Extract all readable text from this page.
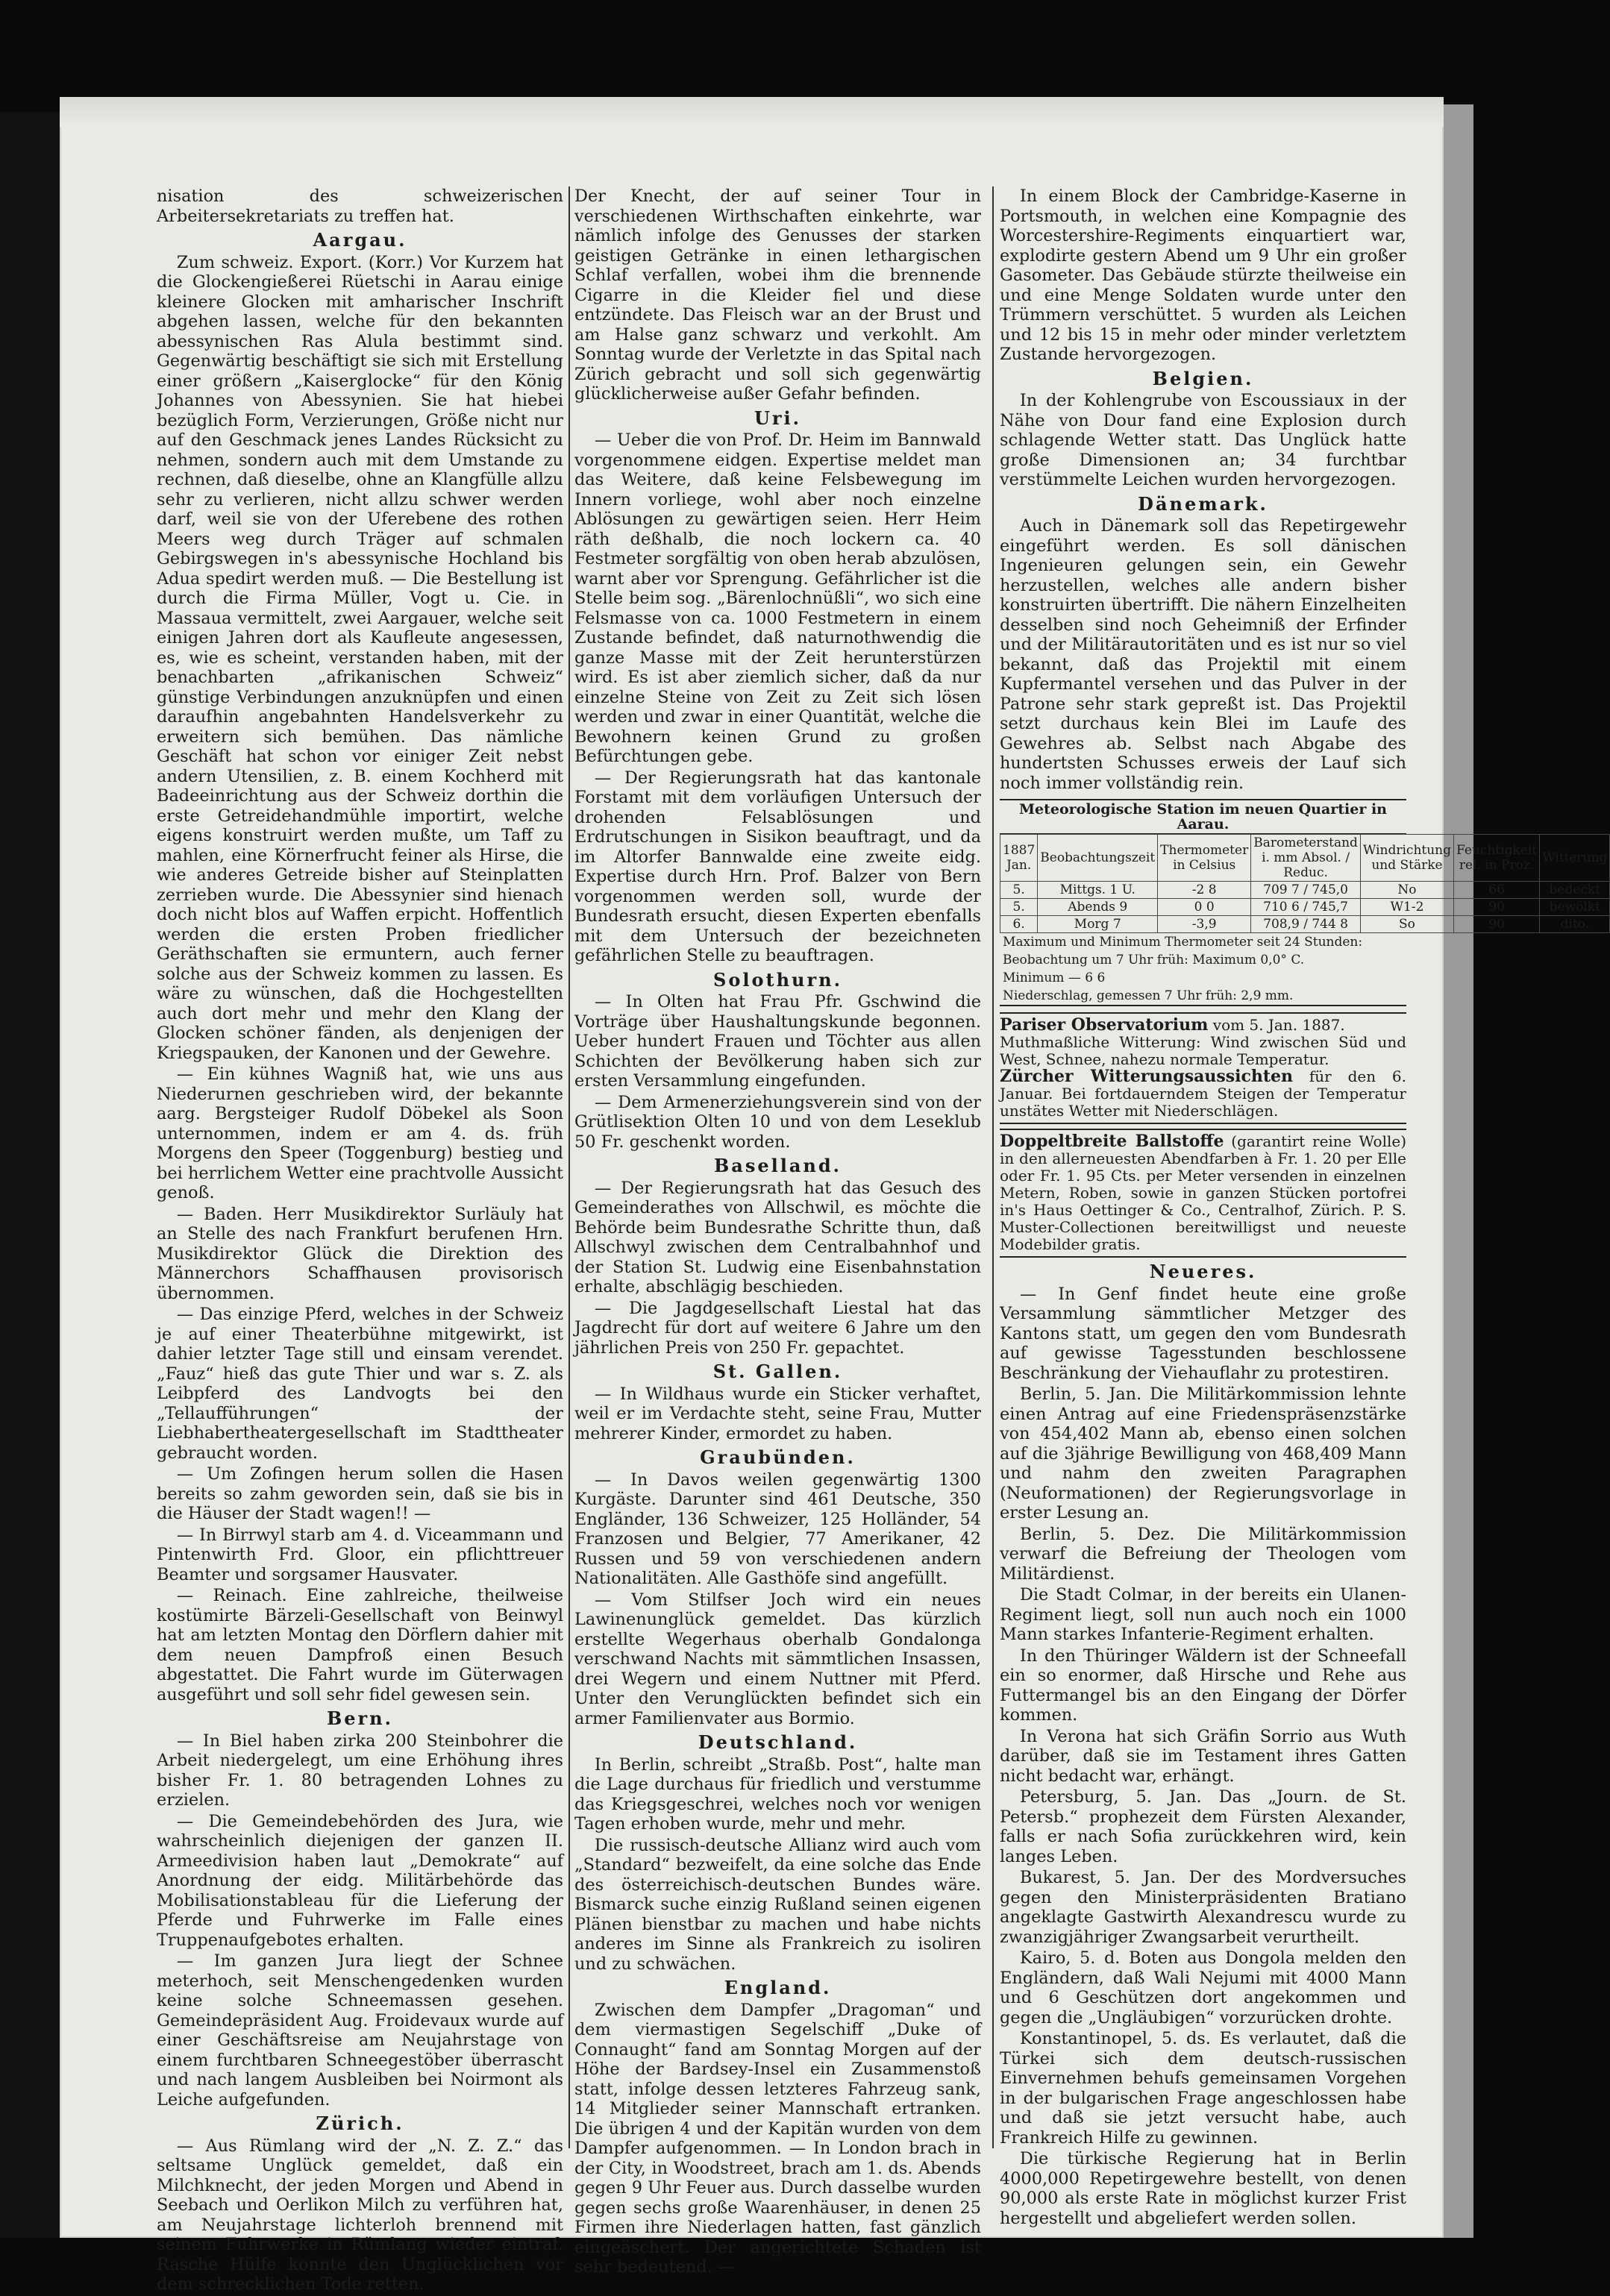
nisation des schweizerischen Arbeitersekretariats zu treffen hat.

Aargau.

Zum schweiz. Export. (Korr.) Vor Kurzem hat die Glockengießerei Rüetschi in Aarau einige kleinere Glocken mit amharischer Inschrift abgehen lassen, welche für den bekannten abessynischen Ras Alula bestimmt sind. Gegenwärtig beschäftigt sie sich mit Erstellung einer größern „Kaiserglocke“ für den König Johannes von Abessynien. Sie hat hiebei bezüglich Form, Verzierungen, Größe nicht nur auf den Geschmack jenes Landes Rücksicht zu nehmen, sondern auch mit dem Umstande zu rechnen, daß dieselbe, ohne an Klangfülle allzu sehr zu verlieren, nicht allzu schwer werden darf, weil sie von der Uferebene des rothen Meers weg durch Träger auf schmalen Gebirgswegen in's abessynische Hochland bis Adua spedirt werden muß. — Die Bestellung ist durch die Firma Müller, Vogt u. Cie. in Massaua vermittelt, zwei Aargauer, welche seit einigen Jahren dort als Kaufleute angesessen, es, wie es scheint, verstanden haben, mit der benachbarten „afrikanischen Schweiz“ günstige Verbindungen anzuknüpfen und einen daraufhin angebahnten Handelsverkehr zu erweitern sich bemühen. Das nämliche Geschäft hat schon vor einiger Zeit nebst andern Utensilien, z. B. einem Kochherd mit Badeeinrichtung aus der Schweiz dorthin die erste Getreidehandmühle importirt, welche eigens konstruirt werden mußte, um Taff zu mahlen, eine Körnerfrucht feiner als Hirse, die wie anderes Getreide bisher auf Steinplatten zerrieben wurde. Die Abessynier sind hienach doch nicht blos auf Waffen erpicht. Hoffentlich werden die ersten Proben friedlicher Geräthschaften sie ermuntern, auch ferner solche aus der Schweiz kommen zu lassen. Es wäre zu wünschen, daß die Hochgestellten auch dort mehr und mehr den Klang der Glocken schöner fänden, als denjenigen der Kriegspauken, der Kanonen und der Gewehre.

— Ein kühnes Wagniß hat, wie uns aus Niederurnen geschrieben wird, der bekannte aarg. Bergsteiger Rudolf Döbekel als Soon unternommen, indem er am 4. ds. früh Morgens den Speer (Toggenburg) bestieg und bei herrlichem Wetter eine prachtvolle Aussicht genoß.

— Baden. Herr Musikdirektor Surläuly hat an Stelle des nach Frankfurt berufenen Hrn. Musikdirektor Glück die Direktion des Männerchors Schaffhausen provisorisch übernommen.

— Das einzige Pferd, welches in der Schweiz je auf einer Theaterbühne mitgewirkt, ist dahier letzter Tage still und einsam verendet. „Fauz“ hieß das gute Thier und war s. Z. als Leibpferd des Landvogts bei den „Tellaufführungen“ der Liebhabertheatergesellschaft im Stadttheater gebraucht worden.

— Um Zofingen herum sollen die Hasen bereits so zahm geworden sein, daß sie bis in die Häuser der Stadt wagen!! —

— In Birrwyl starb am 4. d. Viceammann und Pintenwirth Frd. Gloor, ein pflichttreuer Beamter und sorgsamer Hausvater.

— Reinach. Eine zahlreiche, theilweise kostümirte Bärzeli-Gesellschaft von Beinwyl hat am letzten Montag den Dörflern dahier mit dem neuen Dampfroß einen Besuch abgestattet. Die Fahrt wurde im Güterwagen ausgeführt und soll sehr fidel gewesen sein.

Bern.

— In Biel haben zirka 200 Steinbohrer die Arbeit niedergelegt, um eine Erhöhung ihres bisher Fr. 1. 80 betragenden Lohnes zu erzielen.

— Die Gemeindebehörden des Jura, wie wahrscheinlich diejenigen der ganzen II. Armeedivision haben laut „Demokrate“ auf Anordnung der eidg. Militärbehörde das Mobilisationstableau für die Lieferung der Pferde und Fuhrwerke im Falle eines Truppenaufgebotes erhalten.

— Im ganzen Jura liegt der Schnee meterhoch, seit Menschengedenken wurden keine solche Schneemassen gesehen. Gemeindepräsident Aug. Froidevaux wurde auf einer Geschäftsreise am Neujahrstage von einem furchtbaren Schneegestöber überrascht und nach langem Ausbleiben bei Noirmont als Leiche aufgefunden.

Zürich.

— Aus Rümlang wird der „N. Z. Z.“ das seltsame Unglück gemeldet, daß ein Milchknecht, der jeden Morgen und Abend in Seebach und Oerlikon Milch zu verführen hat, am Neujahrstage lichterloh brennend mit seinem Fuhrwerke in Rümlang wieder eintraf. Rasche Hülfe konnte den Unglücklichen vor dem schrecklichen Tode retten.

Der Knecht, der auf seiner Tour in verschiedenen Wirthschaften einkehrte, war nämlich infolge des Genusses der starken geistigen Getränke in einen lethargischen Schlaf verfallen, wobei ihm die brennende Cigarre in die Kleider fiel und diese entzündete. Das Fleisch war an der Brust und am Halse ganz schwarz und verkohlt. Am Sonntag wurde der Verletzte in das Spital nach Zürich gebracht und soll sich gegenwärtig glücklicherweise außer Gefahr befinden.

Uri.

— Ueber die von Prof. Dr. Heim im Bannwald vorgenommene eidgen. Expertise meldet man das Weitere, daß keine Felsbewegung im Innern vorliege, wohl aber noch einzelne Ablösungen zu gewärtigen seien. Herr Heim räth deßhalb, die noch lockern ca. 40 Festmeter sorgfältig von oben herab abzulösen, warnt aber vor Sprengung. Gefährlicher ist die Stelle beim sog. „Bärenlochnüßli“, wo sich eine Felsmasse von ca. 1000 Festmetern in einem Zustande befindet, daß naturnothwendig die ganze Masse mit der Zeit herunterstürzen wird. Es ist aber ziemlich sicher, daß da nur einzelne Steine von Zeit zu Zeit sich lösen werden und zwar in einer Quantität, welche die Bewohnern keinen Grund zu großen Befürchtungen gebe.

— Der Regierungsrath hat das kantonale Forstamt mit dem vorläufigen Untersuch der drohenden Felsablösungen und Erdrutschungen in Sisikon beauftragt, und da im Altorfer Bannwalde eine zweite eidg. Expertise durch Hrn. Prof. Balzer von Bern vorgenommen werden soll, wurde der Bundesrath ersucht, diesen Experten ebenfalls mit dem Untersuch der bezeichneten gefährlichen Stelle zu beauftragen.

Solothurn.

— In Olten hat Frau Pfr. Gschwind die Vorträge über Haushaltungskunde begonnen. Ueber hundert Frauen und Töchter aus allen Schichten der Bevölkerung haben sich zur ersten Versammlung eingefunden.

— Dem Armenerziehungsverein sind von der Grütlisektion Olten 10 und von dem Leseklub 50 Fr. geschenkt worden.

Baselland.

— Der Regierungsrath hat das Gesuch des Gemeinderathes von Allschwil, es möchte die Behörde beim Bundesrathe Schritte thun, daß Allschwyl zwischen dem Centralbahnhof und der Station St. Ludwig eine Eisenbahnstation erhalte, abschlägig beschieden.

— Die Jagdgesellschaft Liestal hat das Jagdrecht für dort auf weitere 6 Jahre um den jährlichen Preis von 250 Fr. gepachtet.

St. Gallen.

— In Wildhaus wurde ein Sticker verhaftet, weil er im Verdachte steht, seine Frau, Mutter mehrerer Kinder, ermordet zu haben.

Graubünden.

— In Davos weilen gegenwärtig 1300 Kurgäste. Darunter sind 461 Deutsche, 350 Engländer, 136 Schweizer, 125 Holländer, 54 Franzosen und Belgier, 77 Amerikaner, 42 Russen und 59 von verschiedenen andern Nationalitäten. Alle Gasthöfe sind angefüllt.

— Vom Stilfser Joch wird ein neues Lawinenunglück gemeldet. Das kürzlich erstellte Wegerhaus oberhalb Gondalonga verschwand Nachts mit sämmtlichen Insassen, drei Wegern und einem Nuttner mit Pferd. Unter den Verunglückten befindet sich ein armer Familienvater aus Bormio.

Deutschland.

In Berlin, schreibt „Straßb. Post“, halte man die Lage durchaus für friedlich und verstumme das Kriegsgeschrei, welches noch vor wenigen Tagen erhoben wurde, mehr und mehr.

Die russisch-deutsche Allianz wird auch vom „Standard“ bezweifelt, da eine solche das Ende des österreichisch-deutschen Bundes wäre. Bismarck suche einzig Rußland seinen eigenen Plänen bienstbar zu machen und habe nichts anderes im Sinne als Frankreich zu isoliren und zu schwächen.

England.

Zwischen dem Dampfer „Dragoman“ und dem viermastigen Segelschiff „Duke of Connaught“ fand am Sonntag Morgen auf der Höhe der Bardsey-Insel ein Zusammenstoß statt, infolge dessen letzteres Fahrzeug sank, 14 Mitglieder seiner Mannschaft ertranken. Die übrigen 4 und der Kapitän wurden von dem Dampfer aufgenommen. — In London brach in der City, in Woodstreet, brach am 1. ds. Abends gegen 9 Uhr Feuer aus. Durch dasselbe wurden gegen sechs große Waarenhäuser, in denen 25 Firmen ihre Niederlagen hatten, fast gänzlich eingeäschert. Der angerichtete Schaden ist sehr bedeutend. —

In einem Block der Cambridge-Kaserne in Portsmouth, in welchen eine Kompagnie des Worcestershire-Regiments einquartiert war, explodirte gestern Abend um 9 Uhr ein großer Gasometer. Das Gebäude stürzte theilweise ein und eine Menge Soldaten wurde unter den Trümmern verschüttet. 5 wurden als Leichen und 12 bis 15 in mehr oder minder verletztem Zustande hervorgezogen.

Belgien.

In der Kohlengrube von Escoussiaux in der Nähe von Dour fand eine Explosion durch schlagende Wetter statt. Das Unglück hatte große Dimensionen an; 34 furchtbar verstümmelte Leichen wurden hervorgezogen.

Dänemark.

Auch in Dänemark soll das Repetirgewehr eingeführt werden. Es soll dänischen Ingenieuren gelungen sein, ein Gewehr herzustellen, welches alle andern bisher konstruirten übertrifft. Die nähern Einzelheiten desselben sind noch Geheimniß der Erfinder und der Militärautoritäten und es ist nur so viel bekannt, daß das Projektil mit einem Kupfermantel versehen und das Pulver in der Patrone sehr stark gepreßt ist. Das Projektil setzt durchaus kein Blei im Laufe des Gewehres ab. Selbst nach Abgabe des hundertsten Schusses erweis der Lauf sich noch immer vollständig rein.

Meteorologische Station im neuen Quartier in Aarau.
1887 Jan.	Beobachtungszeit	Thermometer in Celsius	Barometerstand i. mm Absol. / Reduc.	Windrichtung und Stärke	Feuchtigkeit rel. in Proz.	Witterung
5.	Mittgs. 1 U.	-2 8	709 7 / 745,0	No	66	bedeckt
5.	Abends 9	0 0	710 6 / 745,7	W1-2	90	bewölkt
6.	Morg 7	-3,9	708,9 / 744 8	So	90	dito.
Maximum und Minimum Thermometer seit 24 Stunden:
Beobachtung um 7 Uhr früh: Maximum 0,0° C.
Minimum — 6 6
Niederschlag, gemessen 7 Uhr früh: 2,9 mm.
Pariser Observatorium vom 5. Jan. 1887.
Muthmaßliche Witterung: Wind zwischen Süd und West, Schnee, nahezu normale Temperatur.
Zürcher Witterungsaussichten für den 6. Januar. Bei fortdauerndem Steigen der Temperatur unstätes Wetter mit Niederschlägen.
Doppeltbreite Ballstoffe (garantirt reine Wolle) in den allerneuesten Abendfarben à Fr. 1. 20 per Elle oder Fr. 1. 95 Cts. per Meter versenden in einzelnen Metern, Roben, sowie in ganzen Stücken portofrei in's Haus Oettinger & Co., Centralhof, Zürich. P. S. Muster-Collectionen bereitwilligst und neueste Modebilder gratis.
Neueres.

— In Genf findet heute eine große Versammlung sämmtlicher Metzger des Kantons statt, um gegen den vom Bundesrath auf gewisse Tagesstunden beschlossene Beschränkung der Viehauflahr zu protestiren.

Berlin, 5. Jan. Die Militärkommission lehnte einen Antrag auf eine Friedenspräsenzstärke von 454,402 Mann ab, ebenso einen solchen auf die 3jährige Bewilligung von 468,409 Mann und nahm den zweiten Paragraphen (Neuformationen) der Regierungsvorlage in erster Lesung an.

Berlin, 5. Dez. Die Militärkommission verwarf die Befreiung der Theologen vom Militärdienst.

Die Stadt Colmar, in der bereits ein Ulanen-Regiment liegt, soll nun auch noch ein 1000 Mann starkes Infanterie-Regiment erhalten.

In den Thüringer Wäldern ist der Schneefall ein so enormer, daß Hirsche und Rehe aus Futtermangel bis an den Eingang der Dörfer kommen.

In Verona hat sich Gräfin Sorrio aus Wuth darüber, daß sie im Testament ihres Gatten nicht bedacht war, erhängt.

Petersburg, 5. Jan. Das „Journ. de St. Petersb.“ prophezeit dem Fürsten Alexander, falls er nach Sofia zurückkehren wird, kein langes Leben.

Bukarest, 5. Jan. Der des Mordversuches gegen den Ministerpräsidenten Bratiano angeklagte Gastwirth Alexandrescu wurde zu zwanzigjähriger Zwangsarbeit verurtheilt.

Kairo, 5. d. Boten aus Dongola melden den Engländern, daß Wali Nejumi mit 4000 Mann und 6 Geschützen dort angekommen und gegen die „Ungläubigen“ vorzurücken drohte.

Konstantinopel, 5. ds. Es verlautet, daß die Türkei sich dem deutsch-russischen Einvernehmen behufs gemeinsamen Vorgehen in der bulgarischen Frage angeschlossen habe und daß sie jetzt versucht habe, auch Frankreich Hilfe zu gewinnen.

Die türkische Regierung hat in Berlin 4000,000 Repetirgewehre bestellt, von denen 90,000 als erste Rate in möglichst kurzer Frist hergestellt und abgeliefert werden sollen.
